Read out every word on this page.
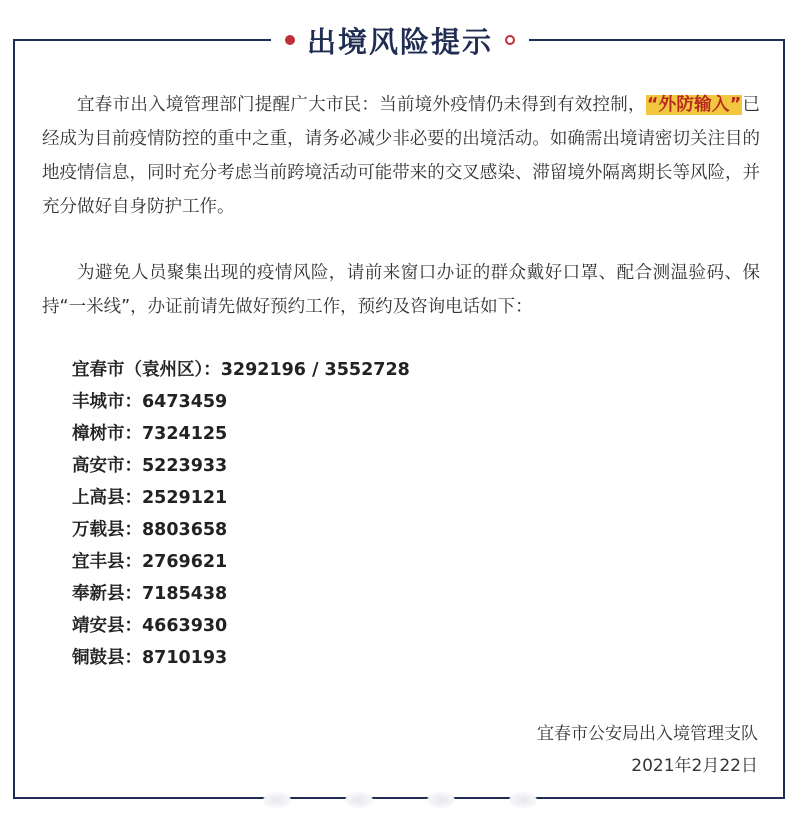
出境风险提示

宜春市出入境管理部门提醒广大市民：当前境外疫情仍未得到有效控制，“外防输入”已经成为目前疫情防控的重中之重，请务必减少非必要的出境活动。如确需出境请密切关注目的地疫情信息，同时充分考虑当前跨境活动可能带来的交叉感染、滞留境外隔离期长等风险，并充分做好自身防护工作。

为避免人员聚集出现的疫情风险，请前来窗口办证的群众戴好口罩、配合测温验码、保持“一米线”，办证前请先做好预约工作，预约及咨询电话如下：

宜春市（袁州区）：3292196 / 3552728
丰城市：6473459
樟树市：7324125
高安市：5223933
上高县：2529121
万载县：8803658
宜丰县：2769621
奉新县：7185438
靖安县：4663930
铜鼓县：8710193
宜春市公安局出入境管理支队
2021年2月22日
